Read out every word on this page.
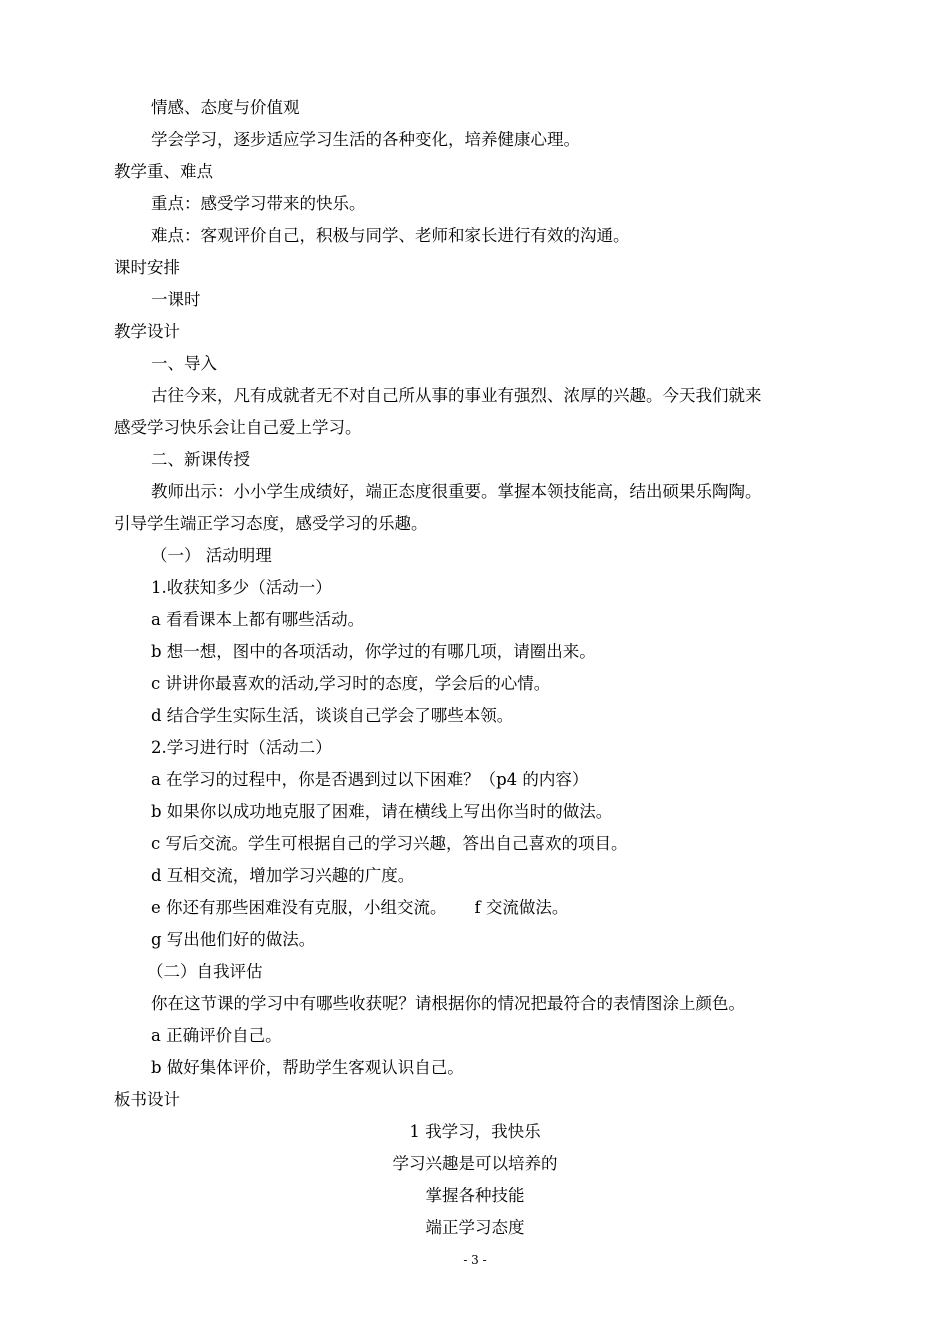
情感、态度与价值观
学会学习，逐步适应学习生活的各种变化，培养健康心理。
教学重、难点
重点：感受学习带来的快乐。
难点：客观评价自己，积极与同学、老师和家长进行有效的沟通。
课时安排
一课时
教学设计
一、导入
古往今来，凡有成就者无不对自己所从事的事业有强烈、浓厚的兴趣。今天我们就来
感受学习快乐会让自己爱上学习。
二、新课传授
教师出示：小小学生成绩好，端正态度很重要。掌握本领技能高，结出硕果乐陶陶。
引导学生端正学习态度，感受学习的乐趣。
（一） 活动明理
1.收获知多少（活动一）
a 看看课本上都有哪些活动。
b 想一想，图中的各项活动，你学过的有哪几项，请圈出来。
c 讲讲你最喜欢的活动,学习时的态度，学会后的心情。
d 结合学生实际生活，谈谈自己学会了哪些本领。
2.学习进行时（活动二）
a 在学习的过程中，你是否遇到过以下困难？（p4 的内容）
b 如果你以成功地克服了困难，请在横线上写出你当时的做法。
c 写后交流。学生可根据自己的学习兴趣，答出自己喜欢的项目。
d 互相交流，增加学习兴趣的广度。
e 你还有那些困难没有克服，小组交流。 f 交流做法。
g 写出他们好的做法。
（二）自我评估
你在这节课的学习中有哪些收获呢？请根据你的情况把最符合的表情图涂上颜色。
a 正确评价自己。
b 做好集体评价，帮助学生客观认识自己。
板书设计
1 我学习，我快乐
学习兴趣是可以培养的
掌握各种技能
端正学习态度
- 3 -
